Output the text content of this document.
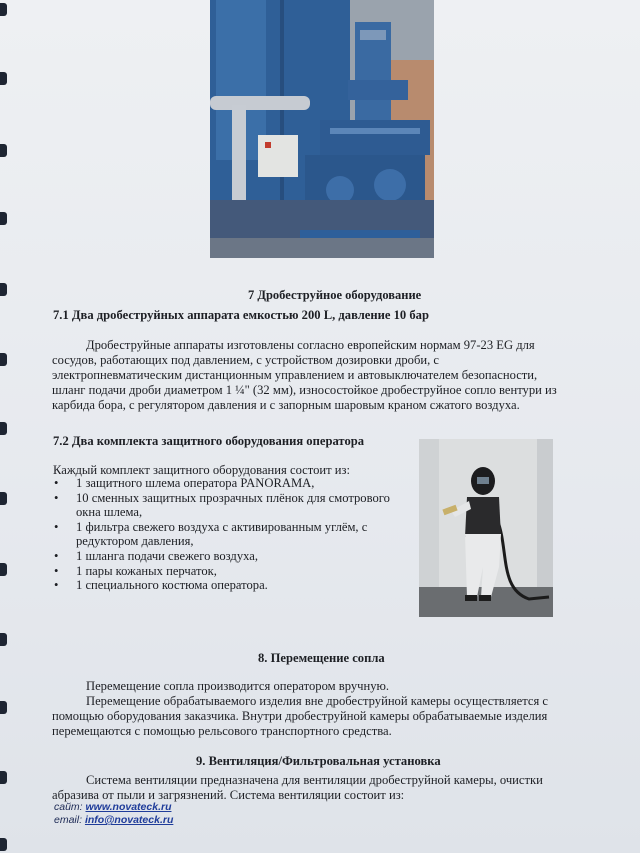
7 Дробеструйное оборудование
7.1 Два дробеструйных аппарата емкостью 200 L, давление 10 бар
Дробеструйные аппараты изготовлены согласно европейским нормам 97-23 EG для
сосудов, работающих под давлением, с устройством дозировки дроби, с
электропневматическим дистанционным управлением и автовыключателем безопасности,
шланг подачи дроби диаметром 1 ¼" (32 мм), износостойкое дробеструйное сопло вентури из
карбида бора, с регулятором давления и с запорным шаровым краном сжатого воздуха.
7.2 Два комплекта защитного оборудования оператора
Каждый комплект защитного оборудования состоит из:
• 1 защитного шлема оператора PANORAMA,
• 10 сменных защитных прозрачных плёнок для смотрового
окна шлема,
• 1 фильтра свежего воздуха с активированным углём, с
редуктором давления,
• 1 шланга подачи свежего воздуха,
• 1 пары кожаных перчаток,
• 1 специального костюма оператора.
8. Перемещение сопла
Перемещение сопла производится оператором вручную.
Перемещение обрабатываемого изделия вне дробеструйной камеры осуществляется с
помощью оборудования заказчика. Внутри дробеструйной камеры обрабатываемые изделия
перемещаются с помощью рельсового транспортного средства.
9. Вентиляция/Фильтровальная установка
Система вентиляции предназначена для вентиляции дробеструйной камеры, очистки
абразива от пыли и загрязнений. Система вентиляции состоит из:
сайт: www.novateck.ru
email: info@novateck.ru
